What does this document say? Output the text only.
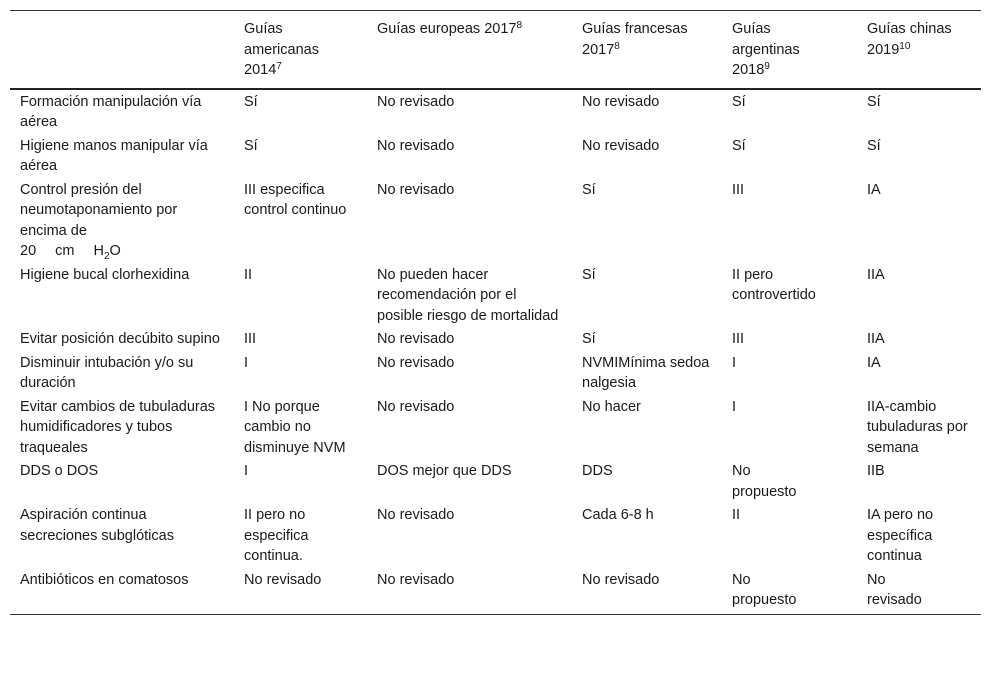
	Guías americanas 2014$^7$	Guías europeas 2017$^8$	Guías francesas 2017$^8$	Guías argentinas 2018$^9$	Guías chinas 2019$^{10}$
Formación manipulación vía aérea	Sí	No revisado	No revisado	Sí	Sí
Higiene manos manipular vía aérea	Sí	No revisado	No revisado	Sí	Sí
Control presión del neumotaponamiento por encima de
20 cm $H_2O$	III especifica control continuo	No revisado	Sí	III	IA
Higiene bucal clorhexidina	II	No pueden hacer recomendación por el posible riesgo de mortalidad	Sí	II pero controvertido	IIA
Evitar posición decúbito supino	III	No revisado	Sí	III	IIA
Disminuir intubación y/o su duración	I	No revisado	NVMIMínima sedoanalgesia	I	IA
Evitar cambios de tubuladuras humidificadores y tubos traqueales	I No porque cambio no disminuye NVM	No revisado	No hacer	I	IIA-cambio tubuladuras por semana
DDS o DOS	I	DOS mejor que DDS	DDS	No propuesto	IIB
Aspiración continua secreciones subglóticas	II pero no especifica continua.	No revisado	Cada 6-8 h	II	IA pero no específica continua
Antibióticos en comatosos	No revisado	No revisado	No revisado	No propuesto	No revisado
